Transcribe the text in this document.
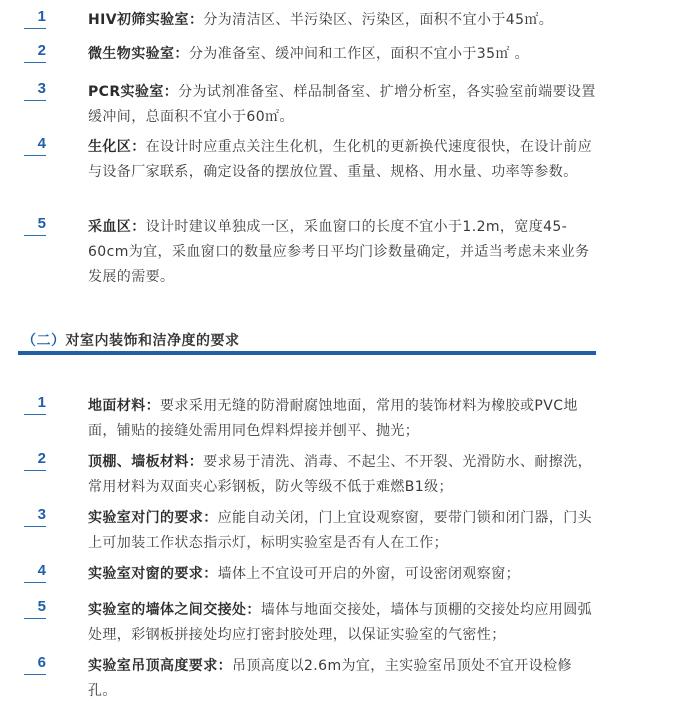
1	HIV初筛实验室：分为清洁区、半污染区、污染区，面积不宜小于45㎡。
2	微生物实验室：分为准备室、缓冲间和工作区，面积不宜小于35㎡ 。
3	PCR实验室：分为试剂准备室、样品制备室、扩增分析室，各实验室前端要设置缓冲间，总面积不宜小于60㎡。
4	生化区：在设计时应重点关注生化机，生化机的更新换代速度很快，在设计前应与设备厂家联系，确定设备的摆放位置、重量、规格、用水量、功率等参数。
5	采血区：设计时建议单独成一区，采血窗口的长度不宜小于1.2m，宽度45-60cm为宜，采血窗口的数量应参考日平均门诊数量确定，并适当考虑未来业务发展的需要。
（二）对室内装饰和洁净度的要求
1	地面材料：要求采用无缝的防滑耐腐蚀地面，常用的装饰材料为橡胶或PVC地面，铺贴的接缝处需用同色焊料焊接并刨平、抛光；
2	顶棚、墙板材料：要求易于清洗、消毒、不起尘、不开裂、光滑防水、耐擦洗，常用材料为双面夹心彩钢板，防火等级不低于难燃B1级；
3	实验室对门的要求：应能自动关闭，门上宜设观察窗，要带门锁和闭门器，门头上可加装工作状态指示灯，标明实验室是否有人在工作；
4	实验室对窗的要求：墙体上不宜设可开启的外窗，可设密闭观察窗；
5	实验室的墙体之间交接处：墙体与地面交接处，墙体与顶棚的交接处均应用圆弧处理，彩钢板拼接处均应打密封胶处理，以保证实验室的气密性；
6	实验室吊顶高度要求：吊顶高度以2.6m为宜，主实验室吊顶处不宜开设检修孔。
